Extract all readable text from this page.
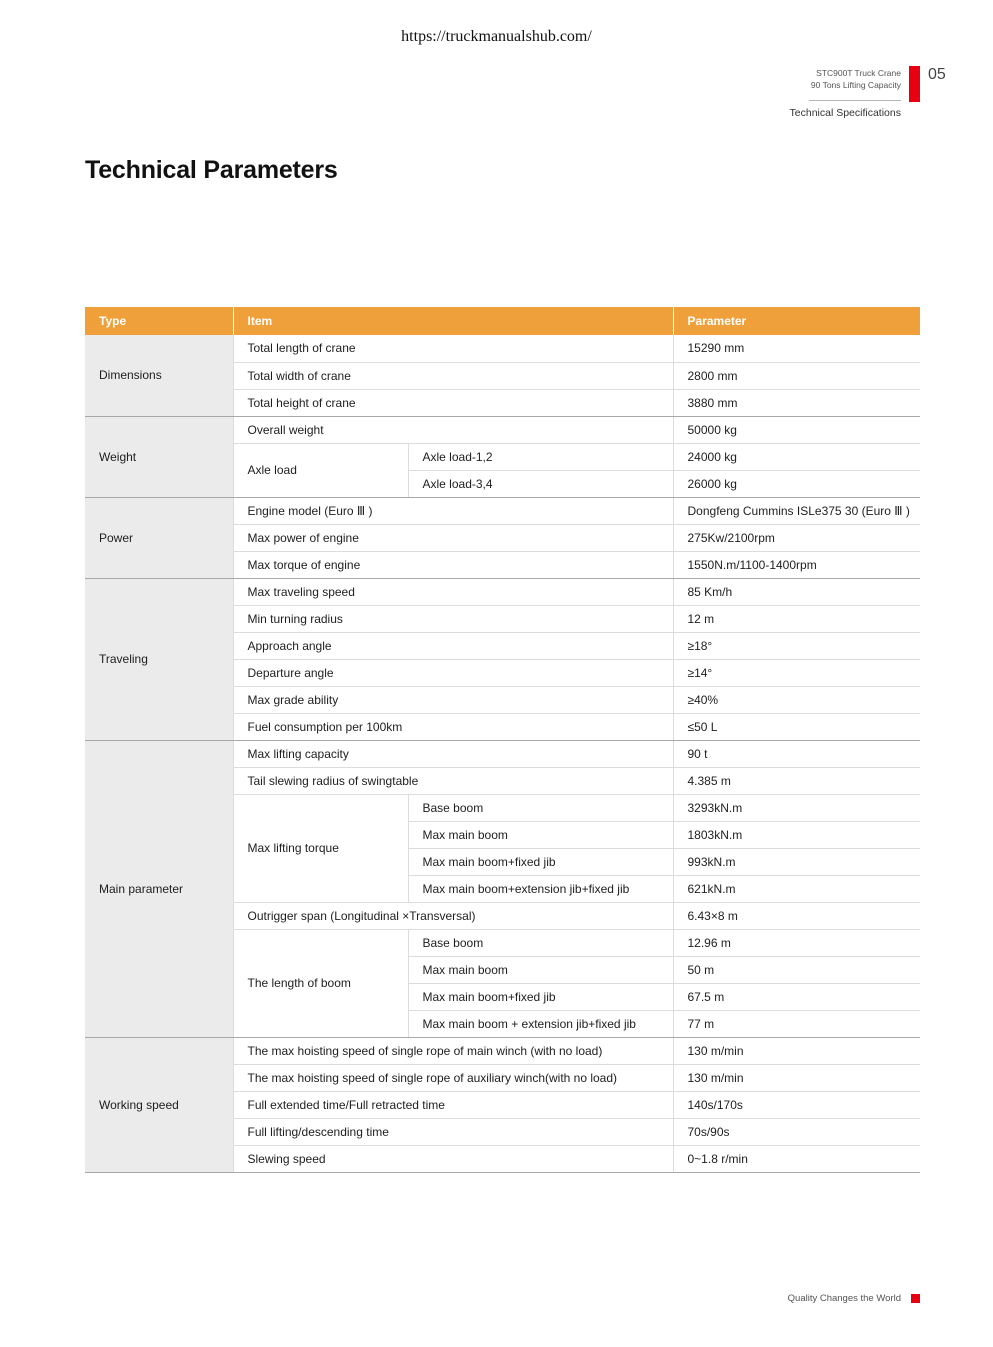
https://truckmanualshub.com/
STC900T Truck Crane
90 Tons Lifting Capacity
Technical Specifications
05
Technical Parameters
Type	Item		Parameter
Dimensions	Total length of crane		15290 mm
	Total width of crane		2800 mm
	Total height of crane		3880 mm
Weight	Overall weight		50000 kg
	Axle load	Axle load-1,2	24000 kg
		Axle load-3,4	26000 kg
Power	Engine model (Euro Ⅲ )		Dongfeng Cummins ISLe375 30 (Euro Ⅲ )
	Max power of engine		275Kw/2100rpm
	Max torque of engine		1550N.m/1100-1400rpm
Traveling	Max traveling speed		85 Km/h
	Min turning radius		12 m
	Approach angle		≥18°
	Departure angle		≥14°
	Max grade ability		≥40%
	Fuel consumption per 100km		≤50 L
Main parameter	Max lifting capacity		90 t
	Tail slewing radius of swingtable		4.385 m
	Max lifting torque	Base boom	3293kN.m
		Max main boom	1803kN.m
		Max main boom+fixed jib	993kN.m
		Max main boom+extension jib+fixed jib	621kN.m
	Outrigger span (Longitudinal ×Transversal)		6.43×8 m
	The length of boom	Base boom	12.96 m
		Max main boom	50 m
		Max main boom+fixed jib	67.5 m
		Max main boom + extension jib+fixed jib	77 m
Working speed	The max hoisting speed of single rope of main winch (with no load)		130 m/min
	The max hoisting speed of single rope of auxiliary winch(with no load)		130 m/min
	Full extended time/Full retracted time		140s/170s
	Full lifting/descending time		70s/90s
	Slewing speed		0~1.8 r/min
Quality Changes the World
